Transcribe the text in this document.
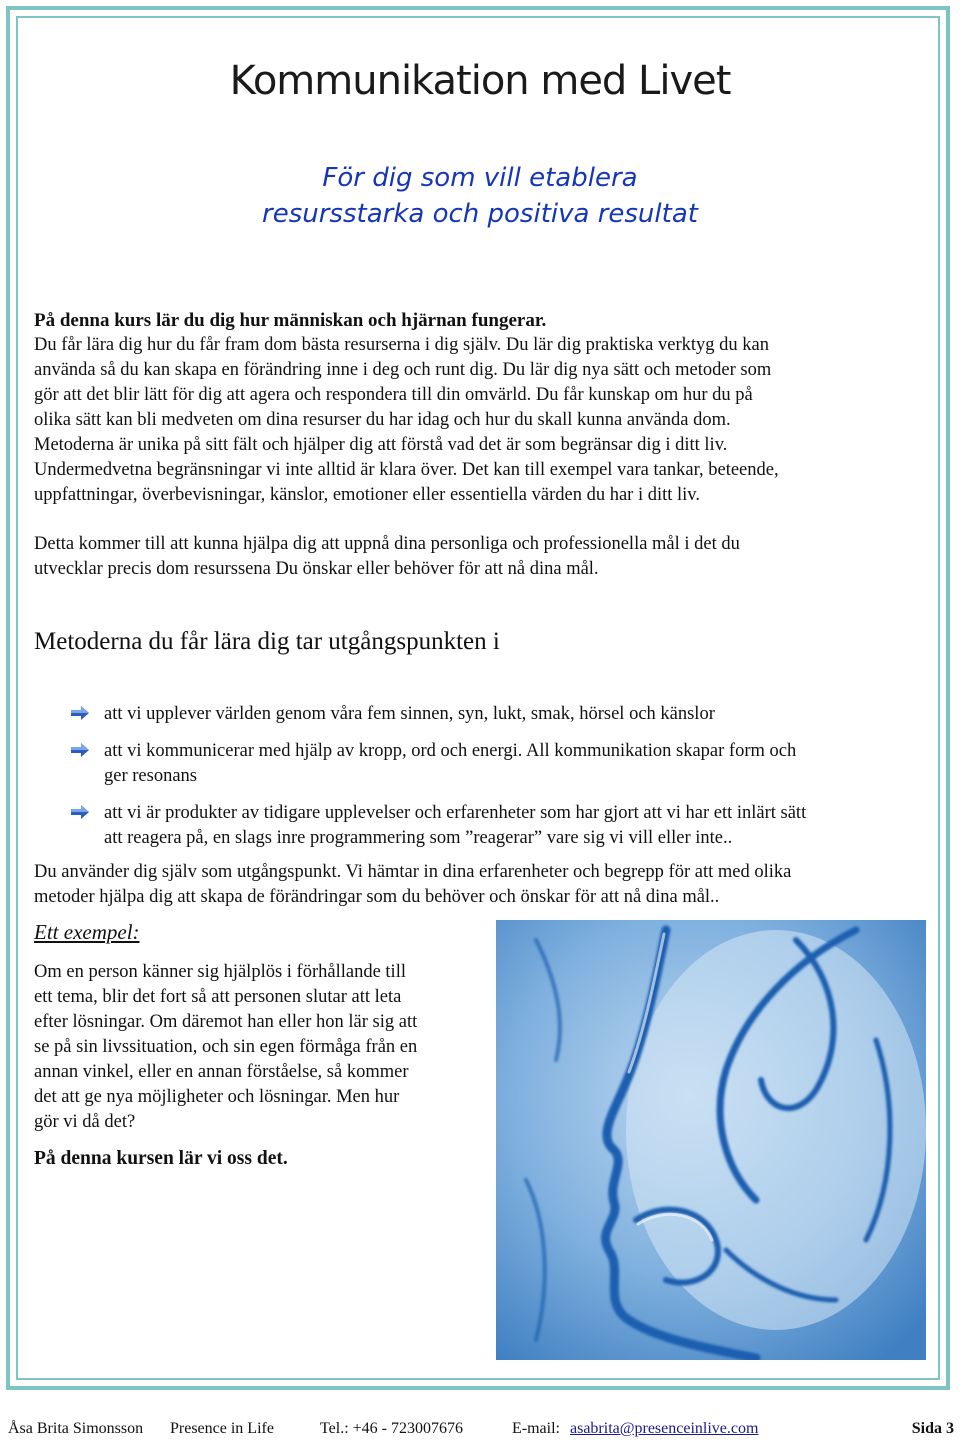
Kommunikation med Livet
För dig som vill etablera
resursstarka och positiva resultat
På denna kurs lär du dig hur människan och hjärnan fungerar.
Du får lära dig hur du får fram dom bästa resurserna i dig själv. Du lär dig praktiska verktyg du kan
använda så du kan skapa en förändring inne i deg och runt dig. Du lär dig nya sätt och metoder som
gör att det blir lätt för dig att agera och respondera till din omvärld. Du får kunskap om hur du på
olika sätt kan bli medveten om dina resurser du har idag och hur du skall kunna använda dom.
Metoderna är unika på sitt fält och hjälper dig att förstå vad det är som begränsar dig i ditt liv.
Undermedvetna begränsningar vi inte alltid är klara över. Det kan till exempel vara tankar, beteende,
uppfattningar, överbevisningar, känslor, emotioner eller essentiella värden du har i ditt liv.
Detta kommer till att kunna hjälpa dig att uppnå dina personliga och professionella mål i det du
utvecklar precis dom resurssena Du önskar eller behöver för att nå dina mål.
Metoderna du får lära dig tar utgångspunkten i
att vi upplever världen genom våra fem sinnen, syn, lukt, smak, hörsel och känslor
att vi kommunicerar med hjälp av kropp, ord och energi. All kommunikation skapar form och
ger resonans
att vi är produkter av tidigare upplevelser och erfarenheter som har gjort att vi har ett inlärt sätt
att reagera på, en slags inre programmering som ”reagerar” vare sig vi vill eller inte..
Du använder dig själv som utgångspunkt. Vi hämtar in dina erfarenheter och begrepp för att med olika
metoder hjälpa dig att skapa de förändringar som du behöver och önskar för att nå dina mål..
Ett exempel:
Om en person känner sig hjälplös i förhållande till
ett tema, blir det fort så att personen slutar att leta
efter lösningar. Om däremot han eller hon lär sig att
se på sin livssituation, och sin egen förmåga från en
annan vinkel, eller en annan förståelse, så kommer
det att ge nya möjligheter och lösningar. Men hur
gör vi då det?
På denna kursen lär vi oss det.
Åsa Brita Simonsson Presence in Life	Tel.: +46 - 723007676	E-mail: asabrita@presenceinlive.com	Sida 3
